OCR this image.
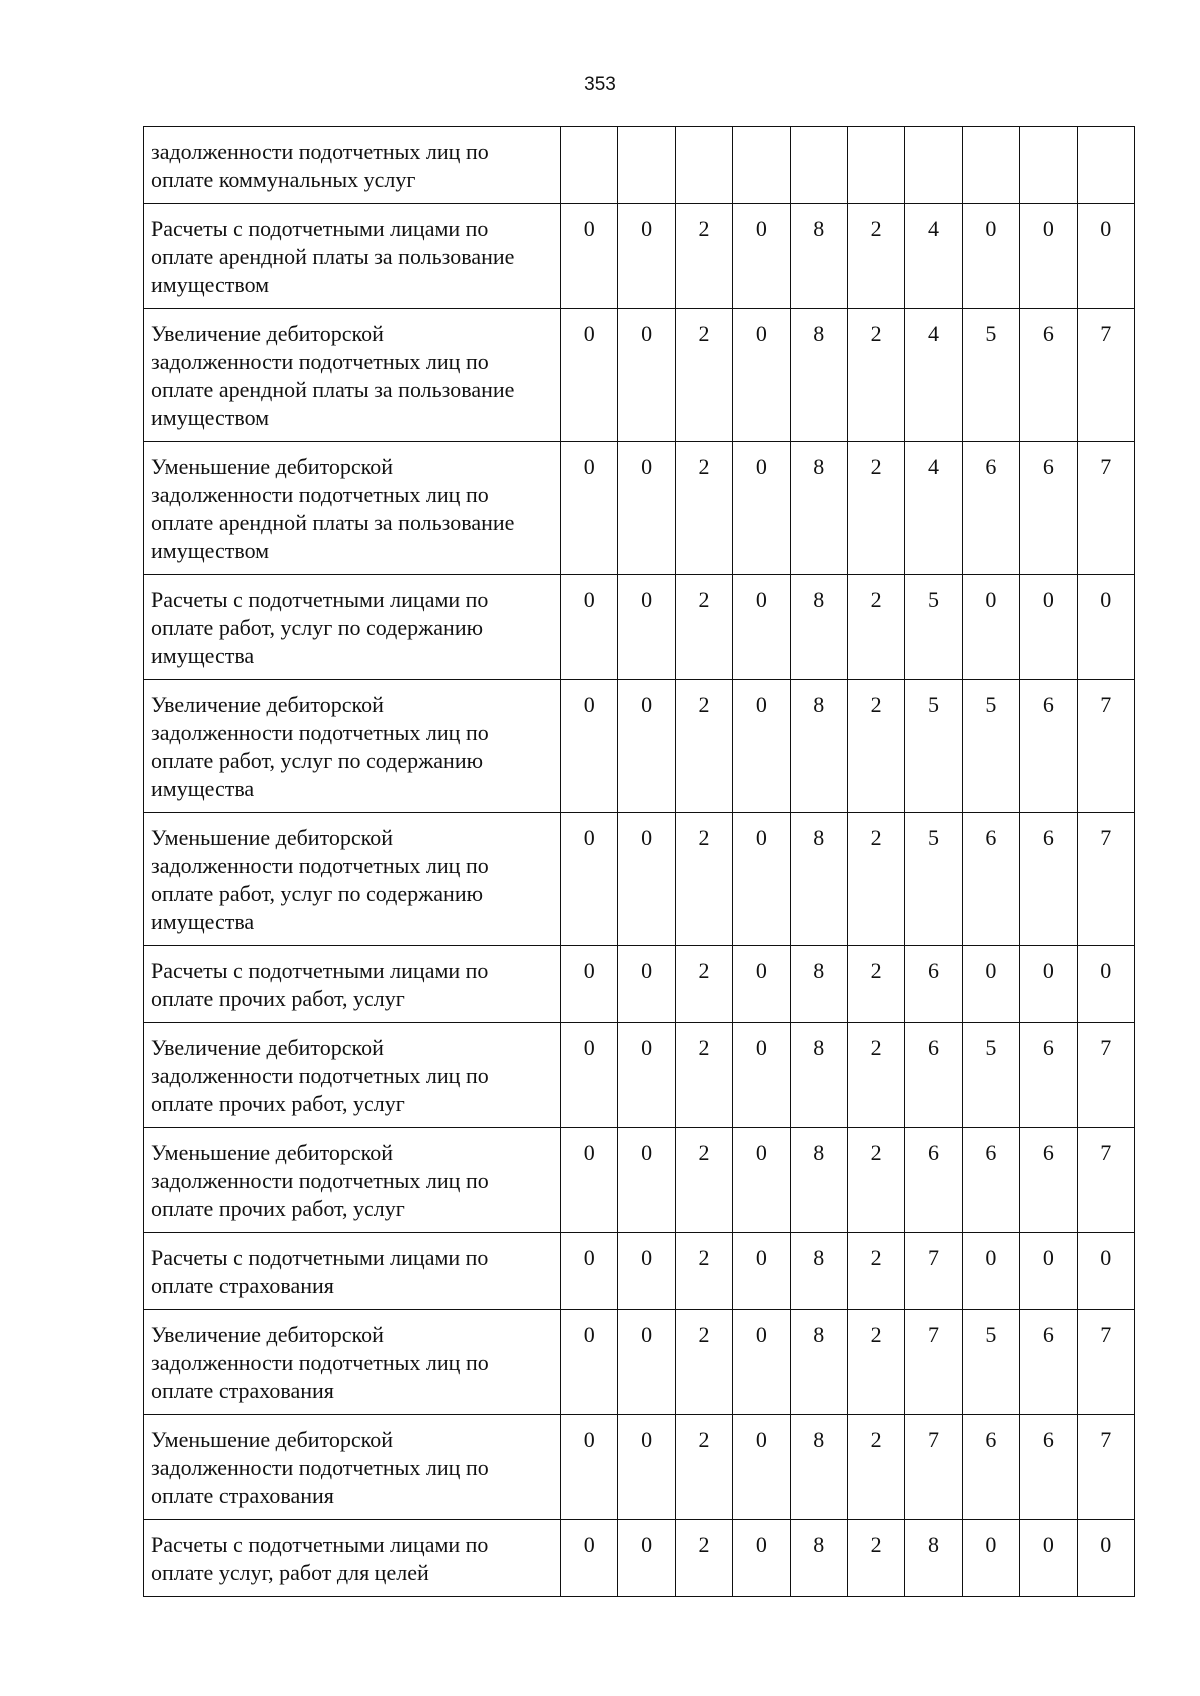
353
задолженности подотчетных лиц по
оплате коммунальных услуг										

Расчеты с подотчетными лицами по
оплате арендной платы за пользование
имуществом	0	0	2	0	8	2	4	0	0	0

Увеличение дебиторской
задолженности подотчетных лиц по
оплате арендной платы за пользование
имуществом	0	0	2	0	8	2	4	5	6	7

Уменьшение дебиторской
задолженности подотчетных лиц по
оплате арендной платы за пользование
имуществом	0	0	2	0	8	2	4	6	6	7

Расчеты с подотчетными лицами по
оплате работ, услуг по содержанию
имущества	0	0	2	0	8	2	5	0	0	0

Увеличение дебиторской
задолженности подотчетных лиц по
оплате работ, услуг по содержанию
имущества	0	0	2	0	8	2	5	5	6	7

Уменьшение дебиторской
задолженности подотчетных лиц по
оплате работ, услуг по содержанию
имущества	0	0	2	0	8	2	5	6	6	7

Расчеты с подотчетными лицами по
оплате прочих работ, услуг	0	0	2	0	8	2	6	0	0	0

Увеличение дебиторской
задолженности подотчетных лиц по
оплате прочих работ, услуг	0	0	2	0	8	2	6	5	6	7

Уменьшение дебиторской
задолженности подотчетных лиц по
оплате прочих работ, услуг	0	0	2	0	8	2	6	6	6	7

Расчеты с подотчетными лицами по
оплате страхования	0	0	2	0	8	2	7	0	0	0

Увеличение дебиторской
задолженности подотчетных лиц по
оплате страхования	0	0	2	0	8	2	7	5	6	7

Уменьшение дебиторской
задолженности подотчетных лиц по
оплате страхования	0	0	2	0	8	2	7	6	6	7

Расчеты с подотчетными лицами по
оплате услуг, работ для целей	0	0	2	0	8	2	8	0	0	0
